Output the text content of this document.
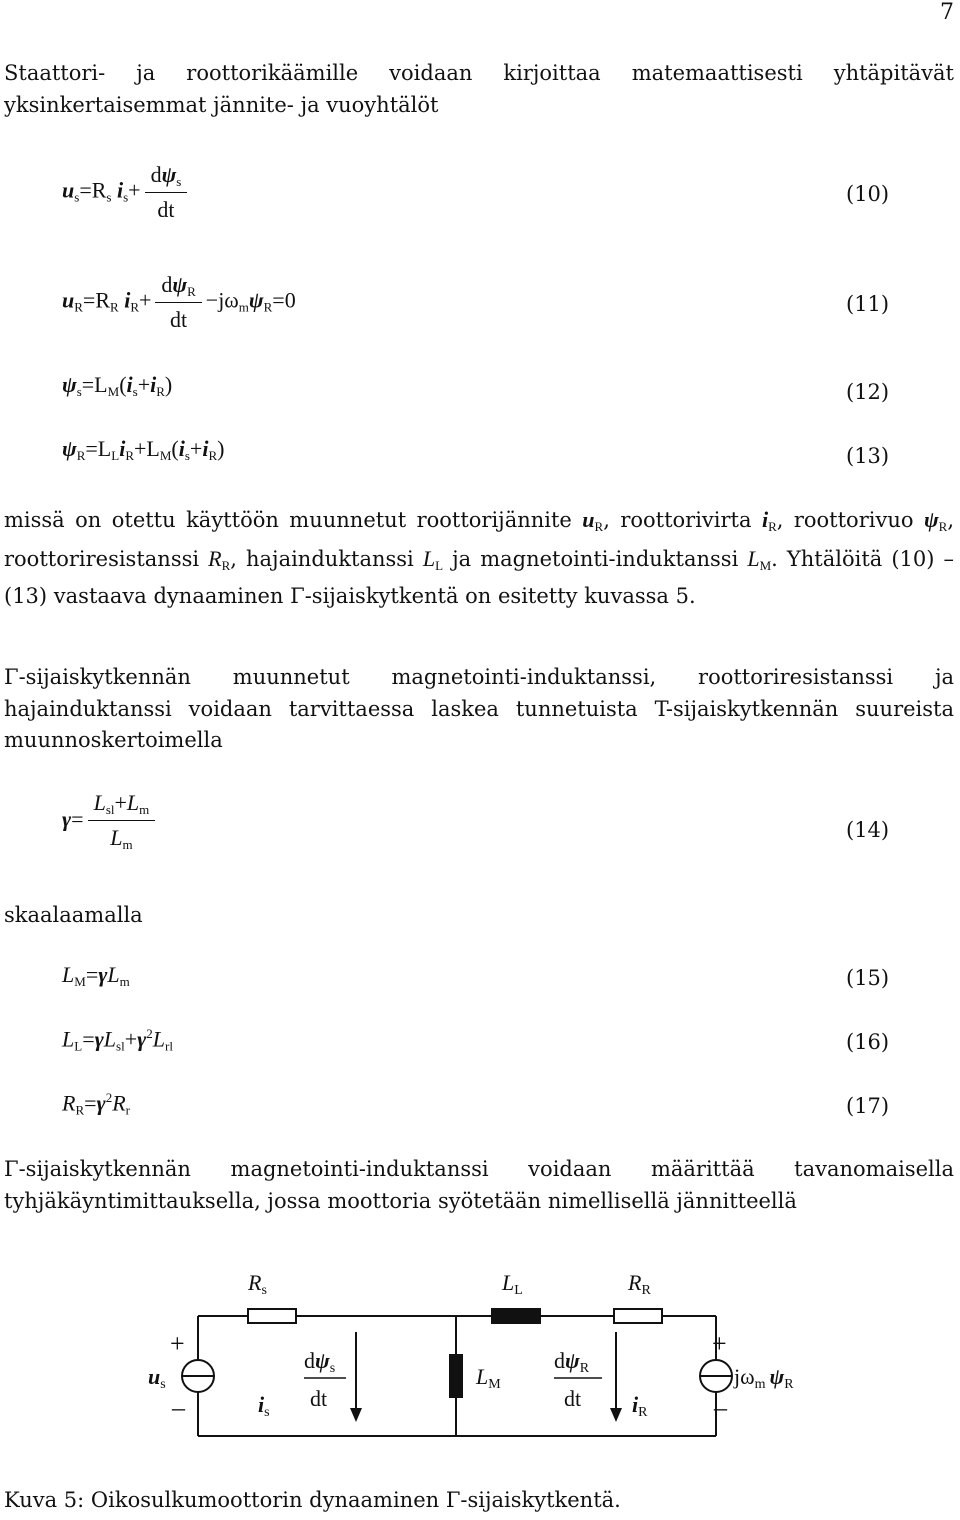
7
Staattori- ja roottorikäämille voidaan kirjoittaa matemaattisesti yhtäpitävät yksinkertaisemmat jännite- ja vuoyhtälöt
$u_s=R_s$ $i_s+ \frac{d\psi_s}{dt}$	(10)
$u_R=R_R$ $i_R+ \frac{d\psi_R}{dt} -j\omega_m\psi_R=0$	(11)
$\psi_s=L_M(i_s+i_R)$	(12)
$\psi_R=L_Li_R+L_M(i_s+i_R)$	(13)
missä on otettu käyttöön muunnetut roottorijännite $u_R$, roottorivirta $i_R$, roottorivuo $\psi_R$, roottoriresistanssi $R_R$, hajainduktanssi $L_L$ ja magnetointi-induktanssi $L_M$. Yhtälöitä (10) – (13) vastaava dynaaminen Γ-sijaiskytkentä on esitetty kuvassa 5.
Γ-sijaiskytkennän muunnetut magnetointi-induktanssi, roottoriresistanssi ja hajainduktanssi voidaan tarvittaessa laskea tunnetuista T-sijaiskytkennän suureista muunnoskertoimella
$\gamma= \frac{L_{sl}+L_m}{L_m}$	(14)
skaalaamalla
$L_M=\gamma L_m$	(15)
$L_L=\gamma L_{sl}+\gamma^2L_{rl}$	(16)
$R_R=\gamma^2R_r$	(17)
Γ-sijaiskytkennän magnetointi-induktanssi voidaan määrittää tavanomaisella tyhjäkäyntimittauksella, jossa moottoria syötetään nimellisellä jännitteellä
Rs	LL	RR
+
–
+
–
us
is
dψs
dt
LM
dψR
dt iR
jωm ψR
Kuva 5: Oikosulkumoottorin dynaaminen Γ-sijaiskytkentä.
